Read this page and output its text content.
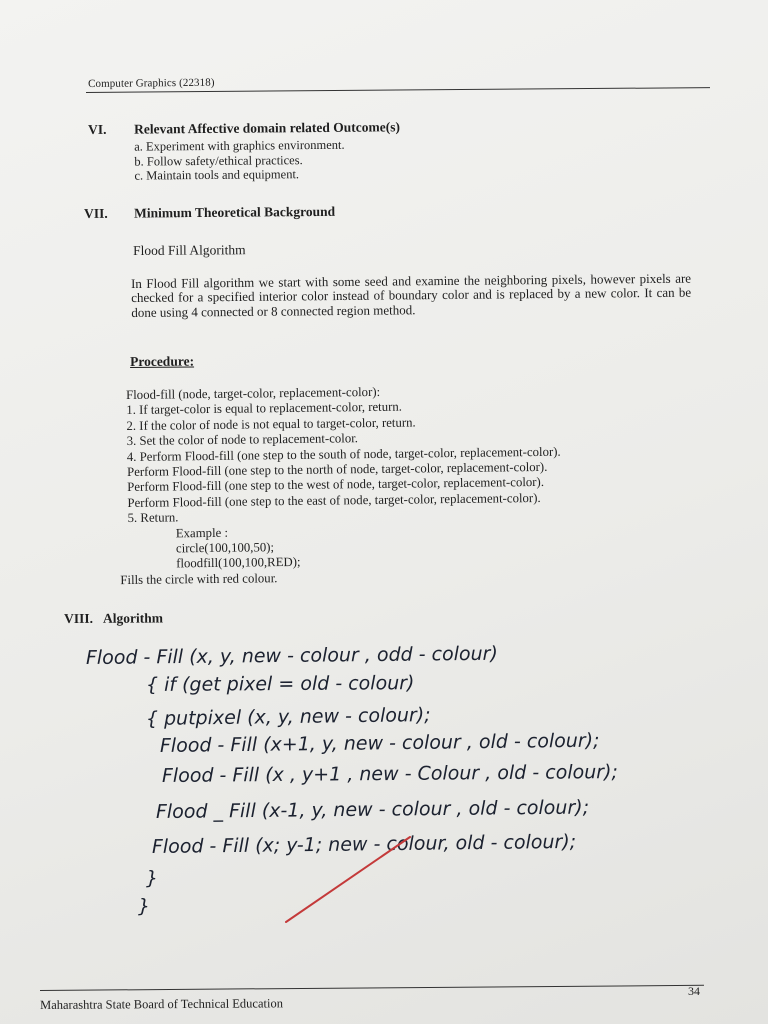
Computer Graphics (22318)
VI. Relevant Affective domain related Outcome(s)
a. Experiment with graphics environment.
b. Follow safety/ethical practices.
c. Maintain tools and equipment.
VII. Minimum Theoretical Background
Flood Fill Algorithm
In Flood Fill algorithm we start with some seed and examine the neighboring pixels, however pixels are checked for a specified interior color instead of boundary color and is replaced by a new color. It can be done using 4 connected or 8 connected region method.
Procedure:
Flood-fill (node, target-color, replacement-color):
1. If target-color is equal to replacement-color, return.
2. If the color of node is not equal to target-color, return.
3. Set the color of node to replacement-color.
4. Perform Flood-fill (one step to the south of node, target-color, replacement-color).
Perform Flood-fill (one step to the north of node, target-color, replacement-color).
Perform Flood-fill (one step to the west of node, target-color, replacement-color).
Perform Flood-fill (one step to the east of node, target-color, replacement-color).
5. Return.
Example :
circle(100,100,50);
floodfill(100,100,RED);
Fills the circle with red colour.
VIII. Algorithm
Flood - Fill (x, y, new - colour , odd - colour)
{ if (get pixel = old - colour)
{ putpixel (x, y, new - colour);
Flood - Fill (x+1, y, new - colour , old - colour);
Flood - Fill (x , y+1 , new - Colour , old - colour);
Flood _ Fill (x-1, y, new - colour , old - colour);
Flood - Fill (x; y-1; new - colour, old - colour);
}
}
Maharashtra State Board of Technical Education
34
